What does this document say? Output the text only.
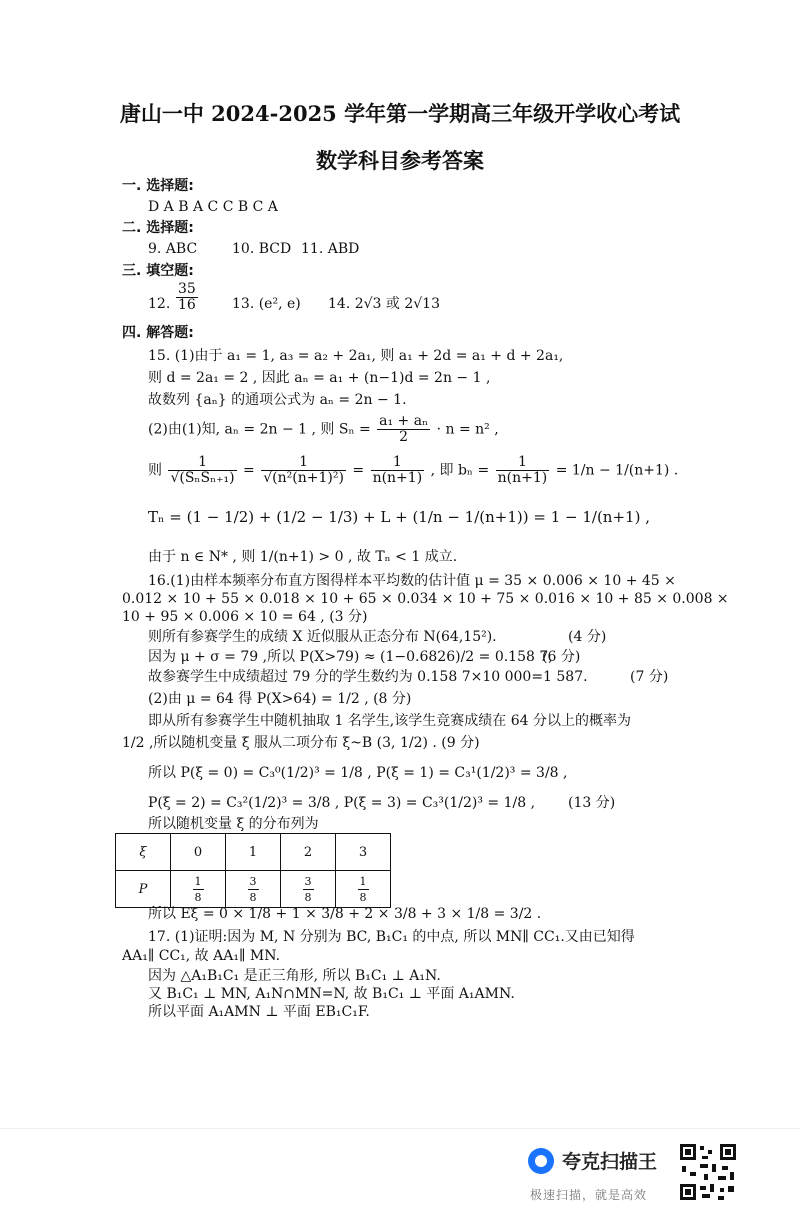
唐山一中 2024-2025 学年第一学期高三年级开学收心考试
数学科目参考答案
一. 选择题:
D A B A C C B C A
二. 选择题:
9. ABC 10. BCD 11. ABD
三. 填空题:
12. $\frac{35}{16} 13$. (e², e) 14. 2√3 或 2√13
四. 解答题:
15. (1)由于 a₁ = 1, a₃ = a₂ + 2a₁, 则 a₁ + 2d = a₁ + d + 2a₁,
则 d = 2a₁ = 2 , 因此 aₙ = a₁ + (n−1)d = 2n − 1 ,
故数列 {aₙ} 的通项公式为 aₙ = 2n − 1.
(2)由(1)知, aₙ = 2n − 1 , 则 $S_n = \frac{\text{a₁ + aₙ}}{2} \cdot n = n^2$ ,
则 $\frac{1}{\text{√(SₙSₙ₊₁)}} = \frac{1}{\text{√(n²(n+1)²)}} = \frac{1}{n(n+1)}$ , 即 $b_n = \frac{1}{n(n+1)} = 1/n - 1/(n+1)$ .
Tₙ = (1 − 1/2) + (1/2 − 1/3) + L + (1/n − 1/(n+1)) = 1 − 1/(n+1) ,
由于 n ∈ N* , 则 1/(n+1) > 0 , 故 Tₙ < 1 成立.
16.(1)由样本频率分布直方图得样本平均数的估计值 μ = 35 × 0.006 × 10 + 45 ×
0.012 × 10 + 55 × 0.018 × 10 + 65 × 0.034 × 10 + 75 × 0.016 × 10 + 85 × 0.008 ×
10 + 95 × 0.006 × 10 = 64 , (3 分)
则所有参赛学生的成绩 X 近似服从正态分布 N(64,15²).	(4 分)
因为 μ + σ = 79 ,所以 P(X>79) ≈ (1−0.6826)/2 = 0.158 7,
(6 分)
故参赛学生中成绩超过 79 分的学生数约为 0.158 7×10 000=1 587.	(7 分)
(2)由 μ = 64 得 P(X>64) = 1/2 , (8 分)
即从所有参赛学生中随机抽取 1 名学生,该学生竞赛成绩在 64 分以上的概率为
1/2 ,所以随机变量 ξ 服从二项分布 ξ~B (3, 1/2) . (9 分)
所以 P(ξ = 0) = C₃⁰(1/2)³ = 1/8 , P(ξ = 1) = C₃¹(1/2)³ = 3/8 ,
P(ξ = 2) = C₃²(1/2)³ = 3/8 , P(ξ = 3) = C₃³(1/2)³ = 1/8 , (13 分)
所以随机变量 ξ 的分布列为
ξ	0	1	2	3
P	$\frac{1}{8}$	$\frac{3}{8}$	$\frac{3}{8}$	$\frac{1}{8}$
所以 Eξ = 0 × 1/8 + 1 × 3/8 + 2 × 3/8 + 3 × 1/8 = 3/2 .
17. (1)证明:因为 M, N 分别为 BC, B₁C₁ 的中点, 所以 MN∥ CC₁.又由已知得
AA₁∥ CC₁, 故 AA₁∥ MN.
因为 △A₁B₁C₁ 是正三角形, 所以 B₁C₁ ⊥ A₁N.
又 B₁C₁ ⊥ MN, A₁N∩MN=N, 故 B₁C₁ ⊥ 平面 A₁AMN.
所以平面 A₁AMN ⊥ 平面 EB₁C₁F.
夸克扫描王
极速扫描，就是高效
